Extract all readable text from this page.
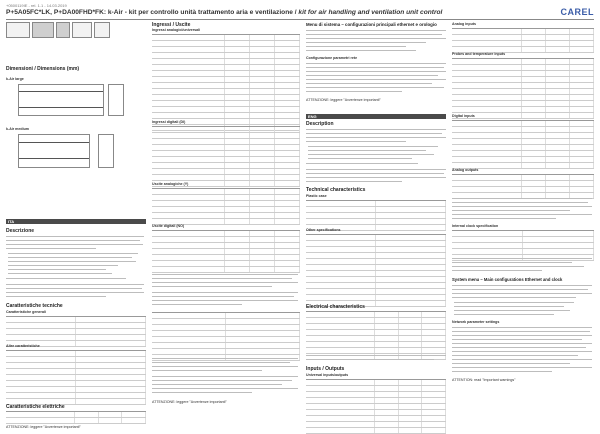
+0500119IE - rel. 1.1 - 14.03.2019
P+5A05FC*LK, P+DA00FHD*FK: k-Air - kit per controllo unità trattamento aria e ventilazione / kit for air handling and ventilation unit control	CAREL
Dimensioni / Dimensions (mm)
k-Air large
k-Air medium
ITA
Descrizione
Caratteristiche tecniche
Caratteristiche generali
Altre caratteristiche
Caratteristiche elettriche
ATTENZIONE: leggere "Avvertenze importanti"
Ingressi / Uscite
Ingressi analogici/universali
Ingressi digitali (DI)
Uscite analogiche (Y)
Uscite digitali (NO)
ATTENZIONE: leggere "Avvertenze importanti"
Menu di sistema – configurazioni principali ethernet e orologio
Configurazione parametri rete
ATTENZIONE: leggere "Avvertenze importanti"
ENG
Description
Technical characteristics
Plastic case
Other specifications
Electrical characteristics
Inputs / Outputs
Universal inputs/outputs
Analog inputs
Probes and temperature inputs
Digital inputs
Analog outputs
Internal clock specification
System menu – Main configurations Ethernet and clock
Network parameter settings
ATTENTION: read "Important warnings"
